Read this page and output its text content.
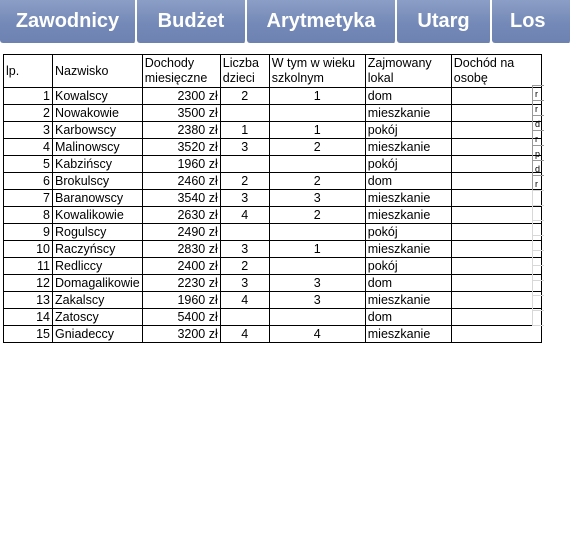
Zawodnicy	Budżet	Arytmetyka	Utarg	Los
lp.	Nazwisko	Dochody miesięczne	Liczba dzieci	W tym w wieku szkolnym	Zajmowany lokal	Dochód na osobę
1	Kowalscy	2300 zł	2	1	dom	
2	Nowakowie	3500 zł			mieszkanie	
3	Karbowscy	2380 zł	1	1	pokój	
4	Malinowscy	3520 zł	3	2	mieszkanie	
5	Kabzińscy	1960 zł			pokój	
6	Brokulscy	2460 zł	2	2	dom	
7	Baranowscy	3540 zł	3	3	mieszkanie	
8	Kowalikowie	2630 zł	4	2	mieszkanie	
9	Rogulscy	2490 zł			pokój	
10	Raczyńscy	2830 zł	3	1	mieszkanie	
11	Redliccy	2400 zł	2		pokój	
12	Domagalikowie	2230 zł	3	3	dom	
13	Zakalscy	1960 zł	4	3	mieszkanie	
14	Zatoscy	5400 zł			dom	
15	Gniadeccy	3200 zł	4	4	mieszkanie	
r
r
d
r
p
d
r
